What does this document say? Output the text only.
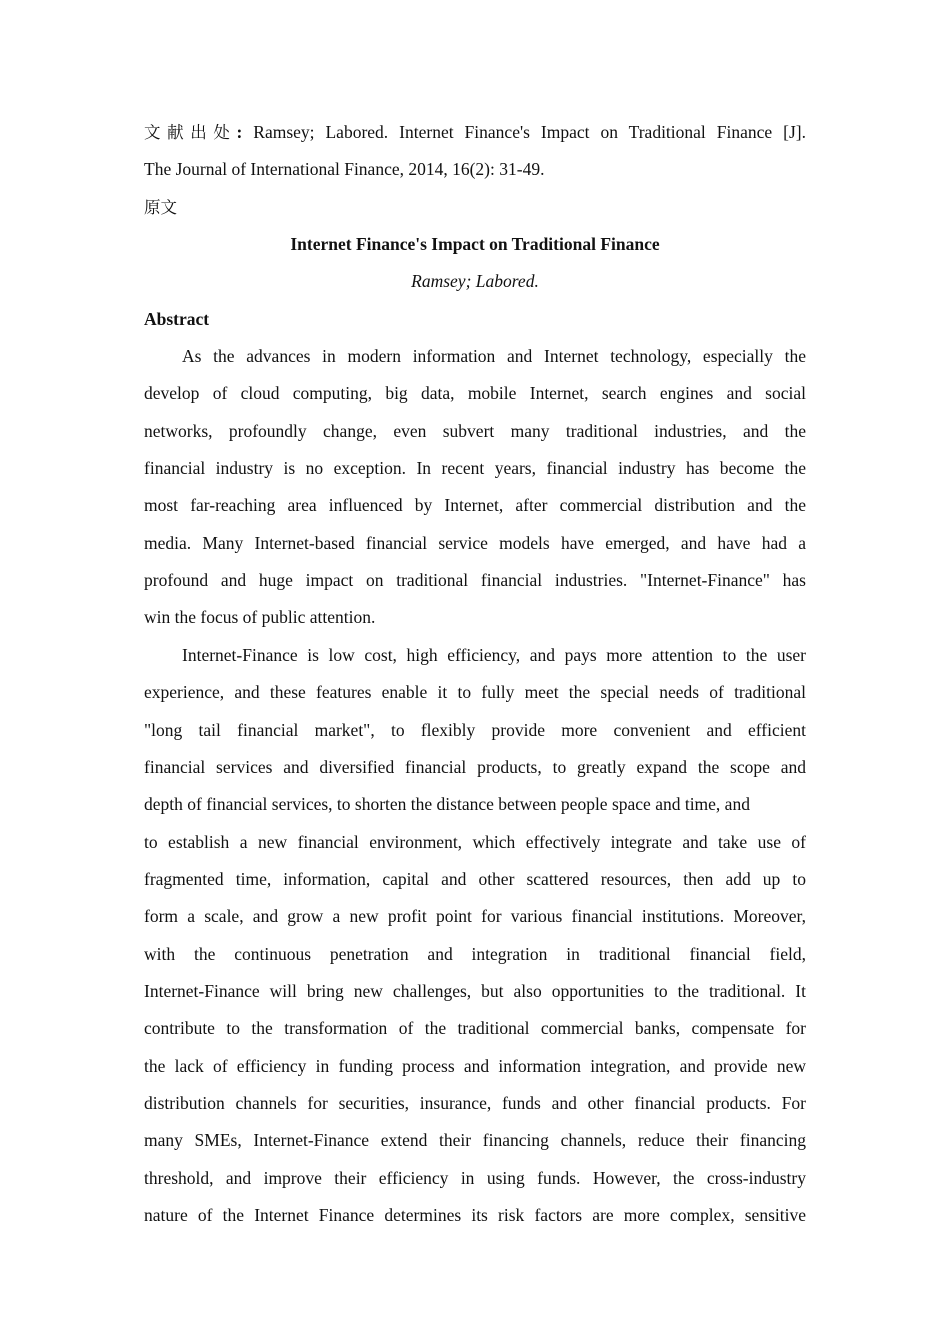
文献出处: Ramsey; Labored. Internet Finance's Impact on Traditional Finance [J].
The Journal of International Finance, 2014, 16(2): 31-49.
原文
Internet Finance's Impact on Traditional Finance
Ramsey; Labored.
Abstract
As the advances in modern information and Internet technology, especially the
develop of cloud computing, big data, mobile Internet, search engines and social
networks, profoundly change, even subvert many traditional industries, and the
financial industry is no exception. In recent years, financial industry has become the
most far-reaching area influenced by Internet, after commercial distribution and the
media. Many Internet-based financial service models have emerged, and have had a
profound and huge impact on traditional financial industries. "Internet-Finance" has
win the focus of public attention.
Internet-Finance is low cost, high efficiency, and pays more attention to the user
experience, and these features enable it to fully meet the special needs of traditional
"long tail financial market", to flexibly provide more convenient and efficient
financial services and diversified financial products, to greatly expand the scope and
depth of financial services, to shorten the distance between people space and time, and
to establish a new financial environment, which effectively integrate and take use of
fragmented time, information, capital and other scattered resources, then add up to
form a scale, and grow a new profit point for various financial institutions. Moreover,
with the continuous penetration and integration in traditional financial field,
Internet-Finance will bring new challenges, but also opportunities to the traditional. It
contribute to the transformation of the traditional commercial banks, compensate for
the lack of efficiency in funding process and information integration, and provide new
distribution channels for securities, insurance, funds and other financial products. For
many SMEs, Internet-Finance extend their financing channels, reduce their financing
threshold, and improve their efficiency in using funds. However, the cross-industry
nature of the Internet Finance determines its risk factors are more complex, sensitive
